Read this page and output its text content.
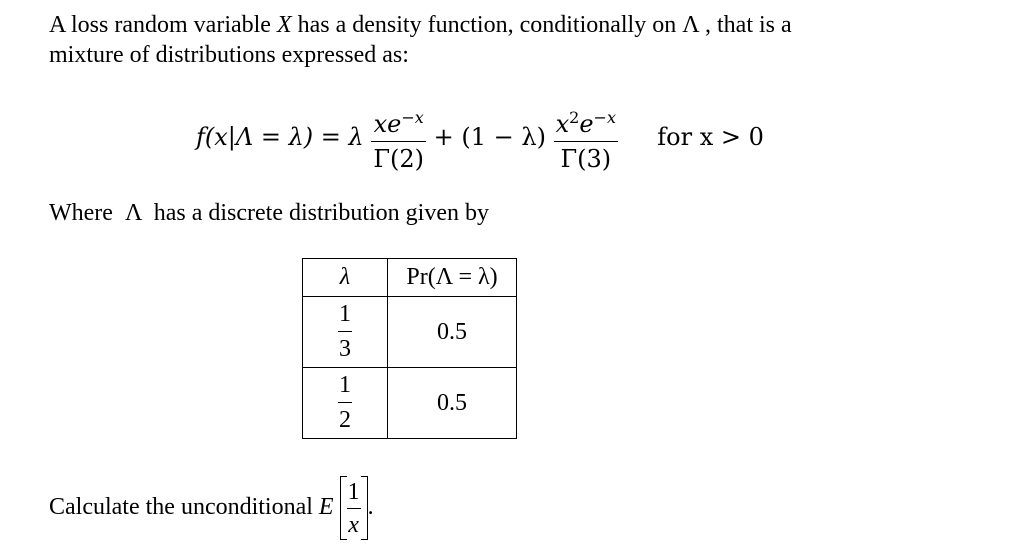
A loss random variable X has a density function, conditionally on Λ , that is a
mixture of distributions expressed as:
f(x|Λ = λ) = λ $\frac{xe^{-x}}{\Gamma(2)} + (1 - \lambda) \frac{x^2e^{-x}}{\Gamma(3)}$ for x > 0
Where  Λ  has a discrete distribution given by
λ	Pr(Λ = λ)

$\frac{1}{3}$	0.5

$\frac{1}{2}$	0.5
Calculate the unconditional E $\frac{1}{x}$ .
